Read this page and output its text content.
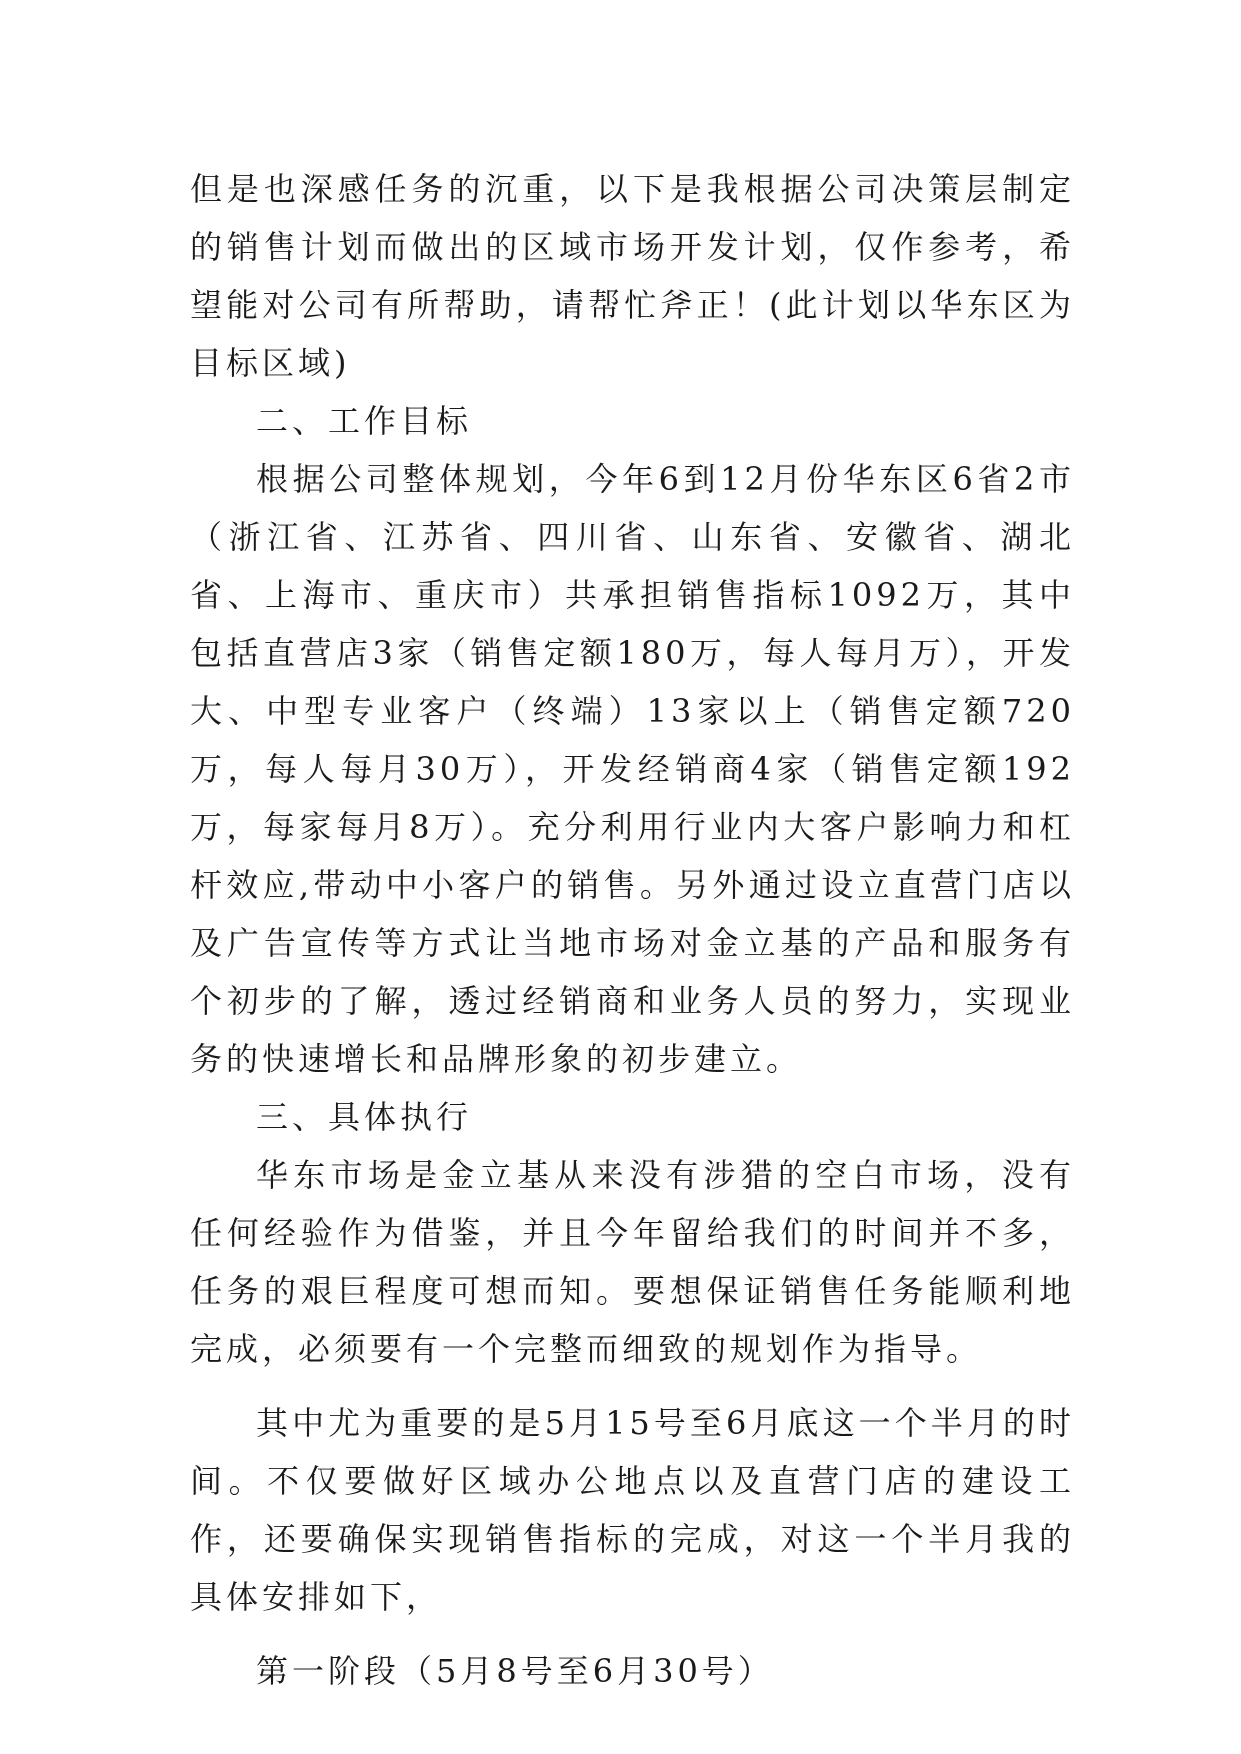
但是也深感任务的沉重，以下是我根据公司决策层制定的销售计划而做出的区域市场开发计划，仅作参考，希望能对公司有所帮助，请帮忙斧正！(此计划以华东区为目标区域)

二、工作目标

根据公司整体规划，今年6到12月份华东区6省2市（浙江省、江苏省、四川省、山东省、安徽省、湖北省、上海市、重庆市）共承担销售指标1092万，其中包括直营店3家（销售定额180万，每人每月万），开发大、中型专业客户（终端）13家以上（销售定额720万，每人每月30万），开发经销商4家（销售定额192万，每家每月8万）。充分利用行业内大客户影响力和杠杆效应,带动中小客户的销售。另外通过设立直营门店以及广告宣传等方式让当地市场对金立基的产品和服务有个初步的了解，透过经销商和业务人员的努力，实现业务的快速增长和品牌形象的初步建立。

三、具体执行

华东市场是金立基从来没有涉猎的空白市场，没有任何经验作为借鉴，并且今年留给我们的时间并不多，任务的艰巨程度可想而知。要想保证销售任务能顺利地完成，必须要有一个完整而细致的规划作为指导。

其中尤为重要的是5月15号至6月底这一个半月的时间。不仅要做好区域办公地点以及直营门店的建设工作，还要确保实现销售指标的完成，对这一个半月我的具体安排如下，

第一阶段（5月8号至6月30号）
